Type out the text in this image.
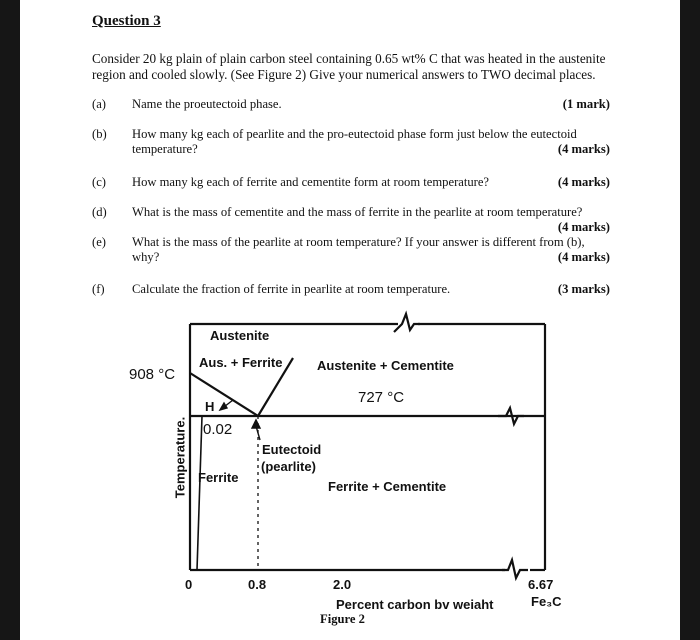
Question 3
Consider 20 kg plain of plain carbon steel containing 0.65 wt% C that was heated in the austenite region and cooled slowly. (See Figure 2) Give your numerical answers to TWO decimal places.
(a) Name the proeutectoid phase.	(1 mark)
(b) How many kg each of pearlite and the pro-eutectoid phase form just below the eutectoid temperature?	(4 marks)
(c) How many kg each of ferrite and cementite form at room temperature?	(4 marks)
(d) What is the mass of cementite and the mass of ferrite in the pearlite at room temperature?
(4 marks)
(e) What is the mass of the pearlite at room temperature? If your answer is different from (b), why?	(4 marks)
(f) Calculate the fraction of ferrite in pearlite at room temperature.	(3 marks)
Austenite
Aus. + Ferrite	Austenite + Cementite
908 °C
727 °C
H
0.02
Eutectoid
(pearlite)
Ferrite
Ferrite + Cementite
Temperature.
0	0.8	2.0	6.67
Fe₃C
Percent carbon bv weiaht
Figure 2
